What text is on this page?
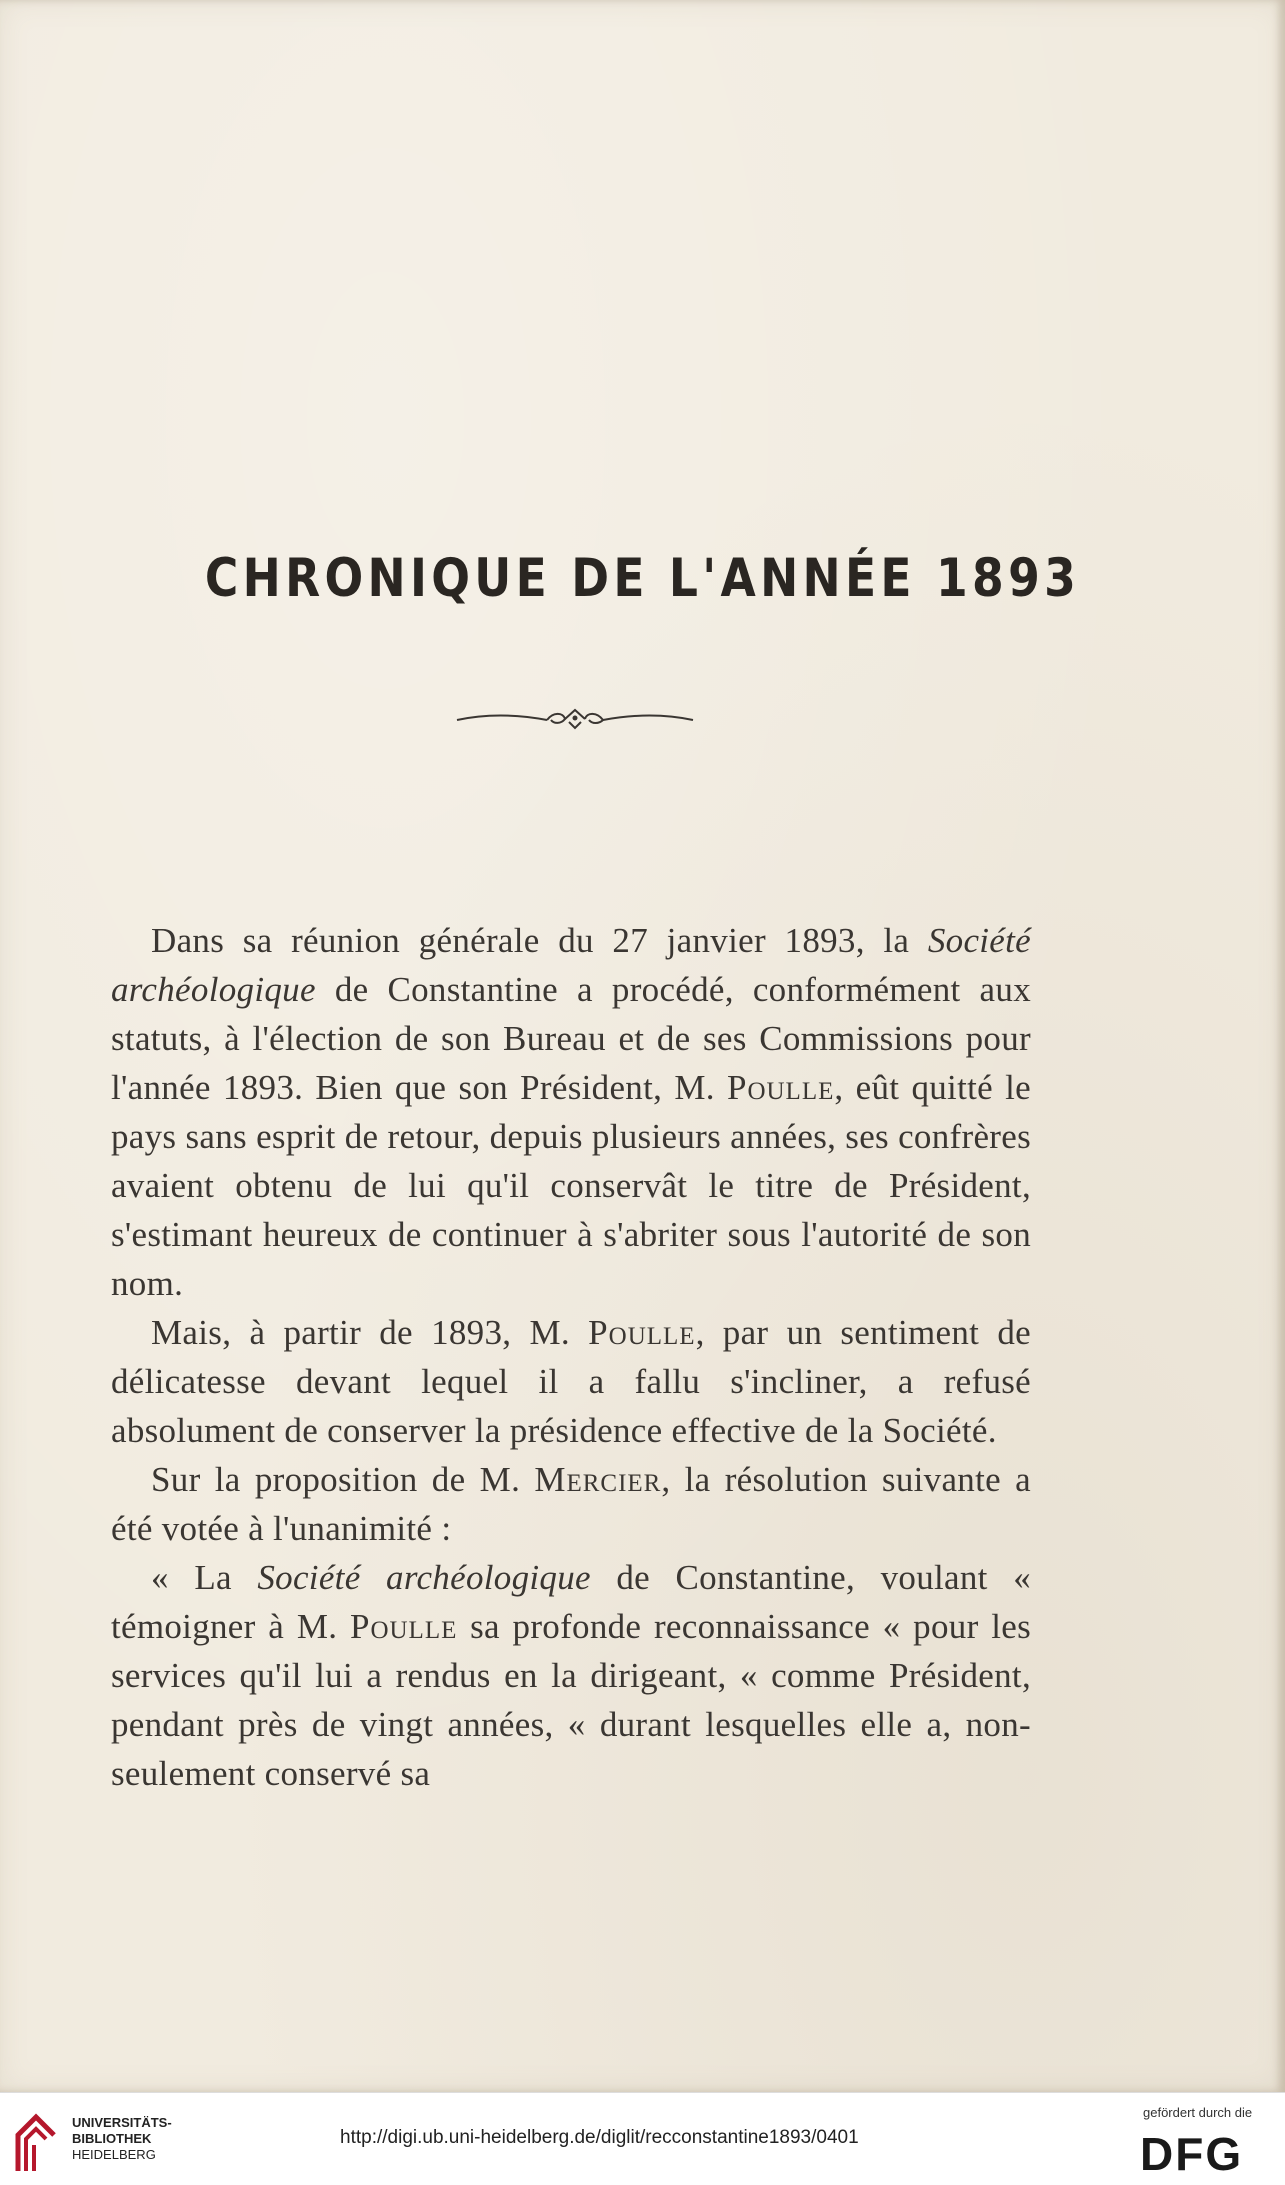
CHRONIQUE DE L'ANNÉE 1893

Dans sa réunion générale du 27 janvier 1893, la Société archéologique de Constantine a procédé, conformément aux statuts, à l'élection de son Bureau et de ses Commissions pour l'année 1893. Bien que son Président, M. Poulle, eût quitté le pays sans esprit de retour, depuis plusieurs années, ses confrères avaient obtenu de lui qu'il conservât le titre de Président, s'estimant heureux de continuer à s'abriter sous l'autorité de son nom.

Mais, à partir de 1893, M. Poulle, par un sentiment de délicatesse devant lequel il a fallu s'incliner, a refusé absolument de conserver la présidence effective de la Société.

Sur la proposition de M. Mercier, la résolution suivante a été votée à l'unanimité :

« La Société archéologique de Constantine, voulant « témoigner à M. Poulle sa profonde reconnaissance « pour les services qu'il lui a rendus en la dirigeant, « comme Président, pendant près de vingt années, « durant lesquelles elle a, non-seulement conservé sa

UNIVERSITÄTS-
BIBLIOTHEK
HEIDELBERG
http://digi.ub.uni-heidelberg.de/diglit/recconstantine1893/0401
gefördert durch die
DFG
